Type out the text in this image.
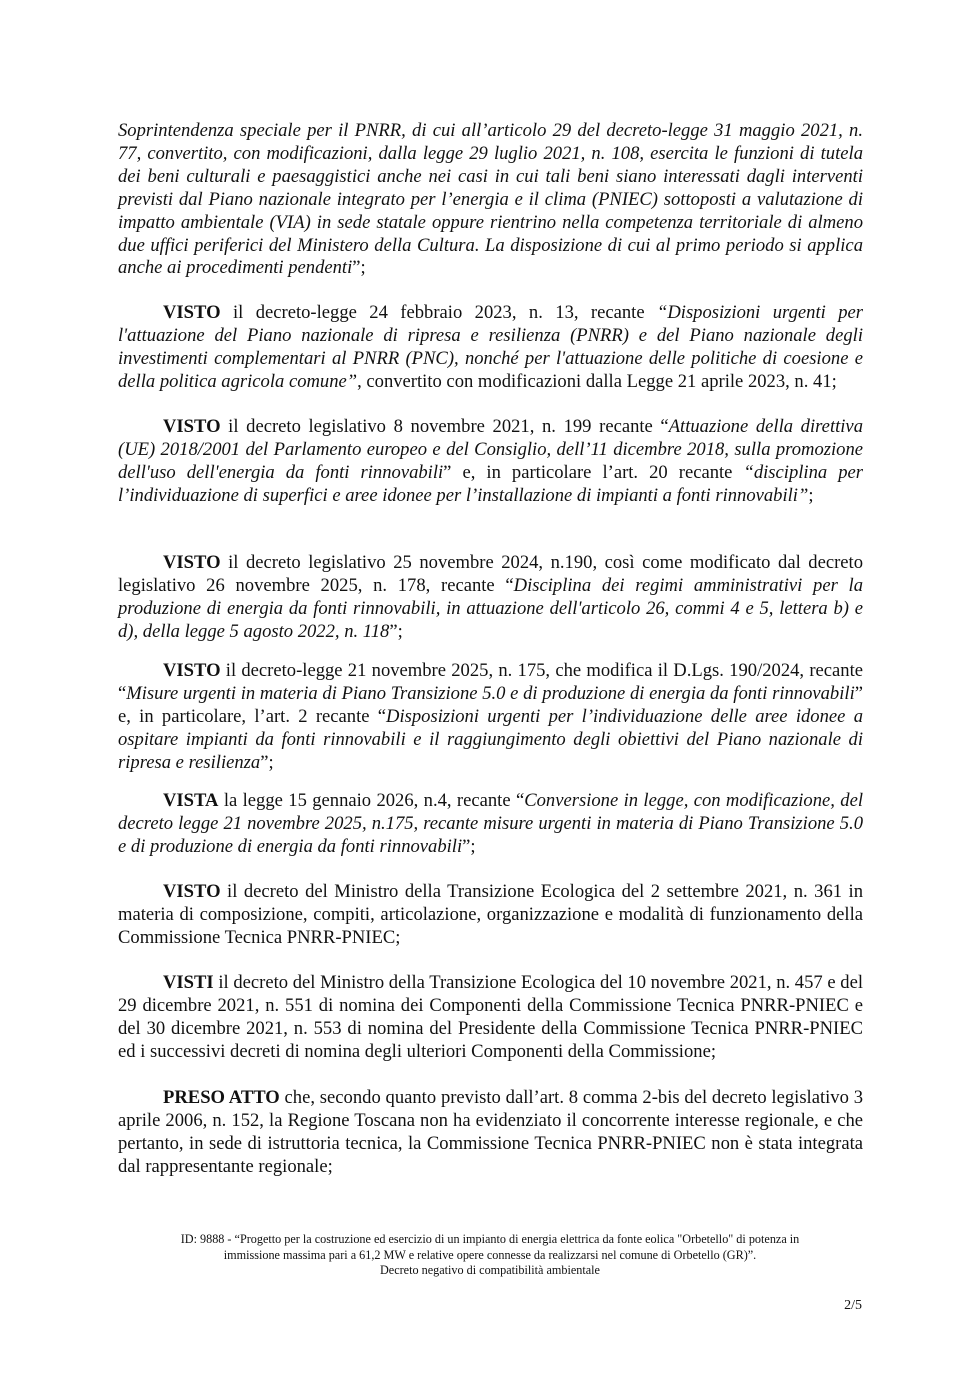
Soprintendenza speciale per il PNRR, di cui all’articolo 29 del decreto-legge 31 maggio 2021, n. 77, convertito, con modificazioni, dalla legge 29 luglio 2021, n. 108, esercita le funzioni di tutela dei beni culturali e paesaggistici anche nei casi in cui tali beni siano interessati dagli interventi previsti dal Piano nazionale integrato per l’energia e il clima (PNIEC) sottoposti a valutazione di impatto ambientale (VIA) in sede statale oppure rientrino nella competenza territoriale di almeno due uffici periferici del Ministero della Cultura. La disposizione di cui al primo periodo si applica anche ai procedimenti pendenti”;

VISTO il decreto-legge 24 febbraio 2023, n. 13, recante “Disposizioni urgenti per l'attuazione del Piano nazionale di ripresa e resilienza (PNRR) e del Piano nazionale degli investimenti complementari al PNRR (PNC), nonché per l'attuazione delle politiche di coesione e della politica agricola comune”, convertito con modificazioni dalla Legge 21 aprile 2023, n. 41;

VISTO il decreto legislativo 8 novembre 2021, n. 199 recante “Attuazione della direttiva (UE) 2018/2001 del Parlamento europeo e del Consiglio, dell’11 dicembre 2018, sulla promozione dell'uso dell'energia da fonti rinnovabili” e, in particolare l’art. 20 recante “disciplina per l’individuazione di superfici e aree idonee per l’installazione di impianti a fonti rinnovabili”;

VISTO il decreto legislativo 25 novembre 2024, n.190, così come modificato dal decreto legislativo 26 novembre 2025, n. 178, recante “Disciplina dei regimi amministrativi per la produzione di energia da fonti rinnovabili, in attuazione dell'articolo 26, commi 4 e 5, lettera b) e d), della legge 5 agosto 2022, n. 118”;

VISTO il decreto-legge 21 novembre 2025, n. 175, che modifica il D.Lgs. 190/2024, recante “Misure urgenti in materia di Piano Transizione 5.0 e di produzione di energia da fonti rinnovabili” e, in particolare, l’art. 2 recante “Disposizioni urgenti per l’individuazione delle aree idonee a ospitare impianti da fonti rinnovabili e il raggiungimento degli obiettivi del Piano nazionale di ripresa e resilienza”;

VISTA la legge 15 gennaio 2026, n.4, recante “Conversione in legge, con modificazione, del decreto legge 21 novembre 2025, n.175, recante misure urgenti in materia di Piano Transizione 5.0 e di produzione di energia da fonti rinnovabili”;

VISTO il decreto del Ministro della Transizione Ecologica del 2 settembre 2021, n. 361 in materia di composizione, compiti, articolazione, organizzazione e modalità di funzionamento della Commissione Tecnica PNRR-PNIEC;

VISTI il decreto del Ministro della Transizione Ecologica del 10 novembre 2021, n. 457 e del 29 dicembre 2021, n. 551 di nomina dei Componenti della Commissione Tecnica PNRR-PNIEC e del 30 dicembre 2021, n. 553 di nomina del Presidente della Commissione Tecnica PNRR-PNIEC ed i successivi decreti di nomina degli ulteriori Componenti della Commissione;

PRESO ATTO che, secondo quanto previsto dall’art. 8 comma 2-bis del decreto legislativo 3 aprile 2006, n. 152, la Regione Toscana non ha evidenziato il concorrente interesse regionale, e che pertanto, in sede di istruttoria tecnica, la Commissione Tecnica PNRR-PNIEC non è stata integrata dal rappresentante regionale;

ID: 9888 - “Progetto per la costruzione ed esercizio di un impianto di energia elettrica da fonte eolica "Orbetello" di potenza in
immissione massima pari a 61,2 MW e relative opere connesse da realizzarsi nel comune di Orbetello (GR)”.
Decreto negativo di compatibilità ambientale
2/5
